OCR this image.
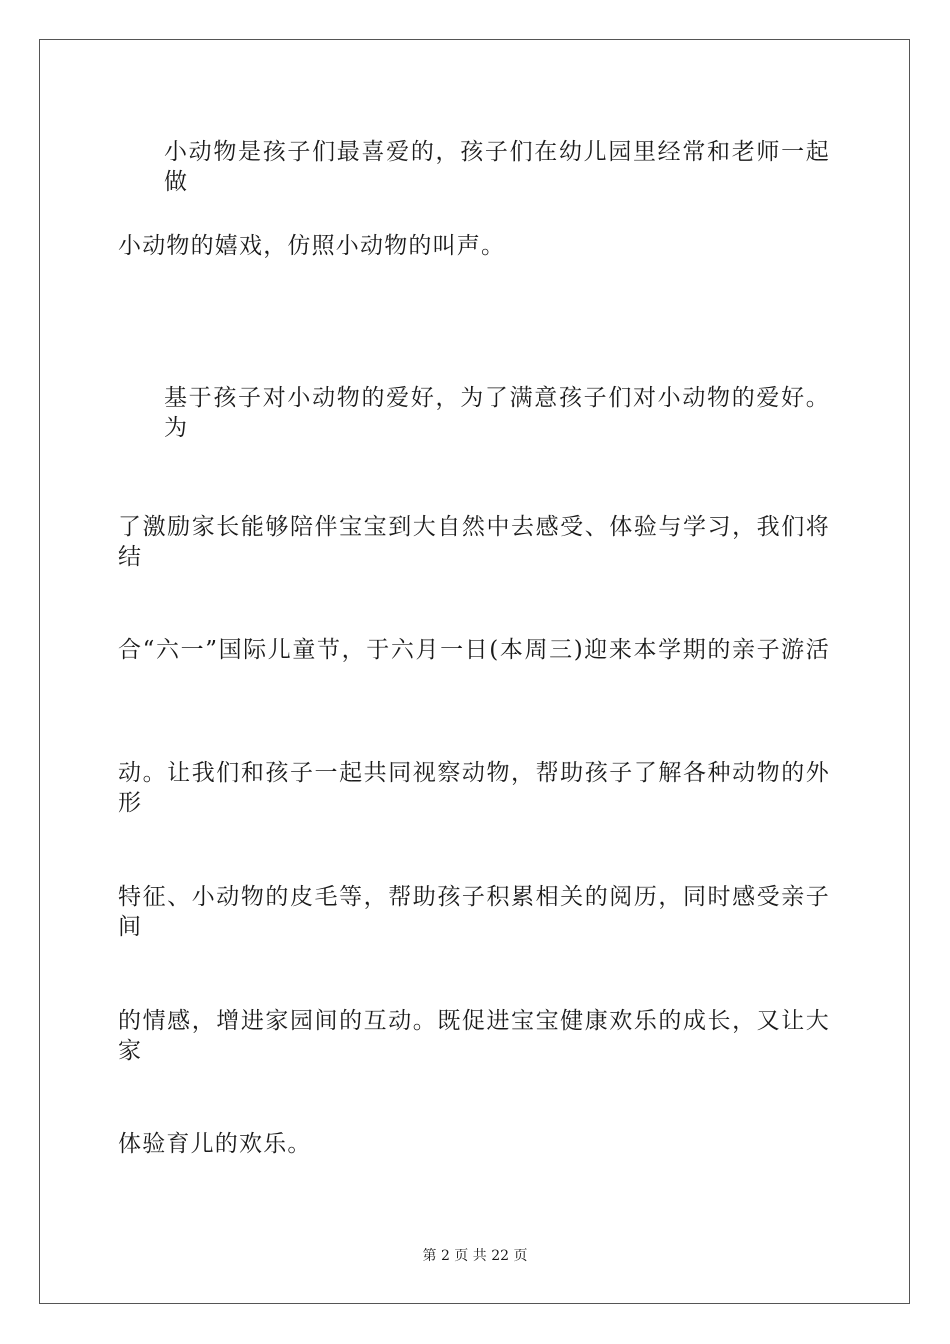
小动物是孩子们最喜爱的，孩子们在幼儿园里经常和老师一起做
小动物的嬉戏，仿照小动物的叫声。
基于孩子对小动物的爱好，为了满意孩子们对小动物的爱好。为
了激励家长能够陪伴宝宝到大自然中去感受、体验与学习，我们将结
合“六一”国际儿童节，于六月一日(本周三)迎来本学期的亲子游活
动。让我们和孩子一起共同视察动物，帮助孩子了解各种动物的外形
特征、小动物的皮毛等，帮助孩子积累相关的阅历，同时感受亲子间
的情感，增进家园间的互动。既促进宝宝健康欢乐的成长，又让大家
体验育儿的欢乐。
第 2 页 共 22 页
